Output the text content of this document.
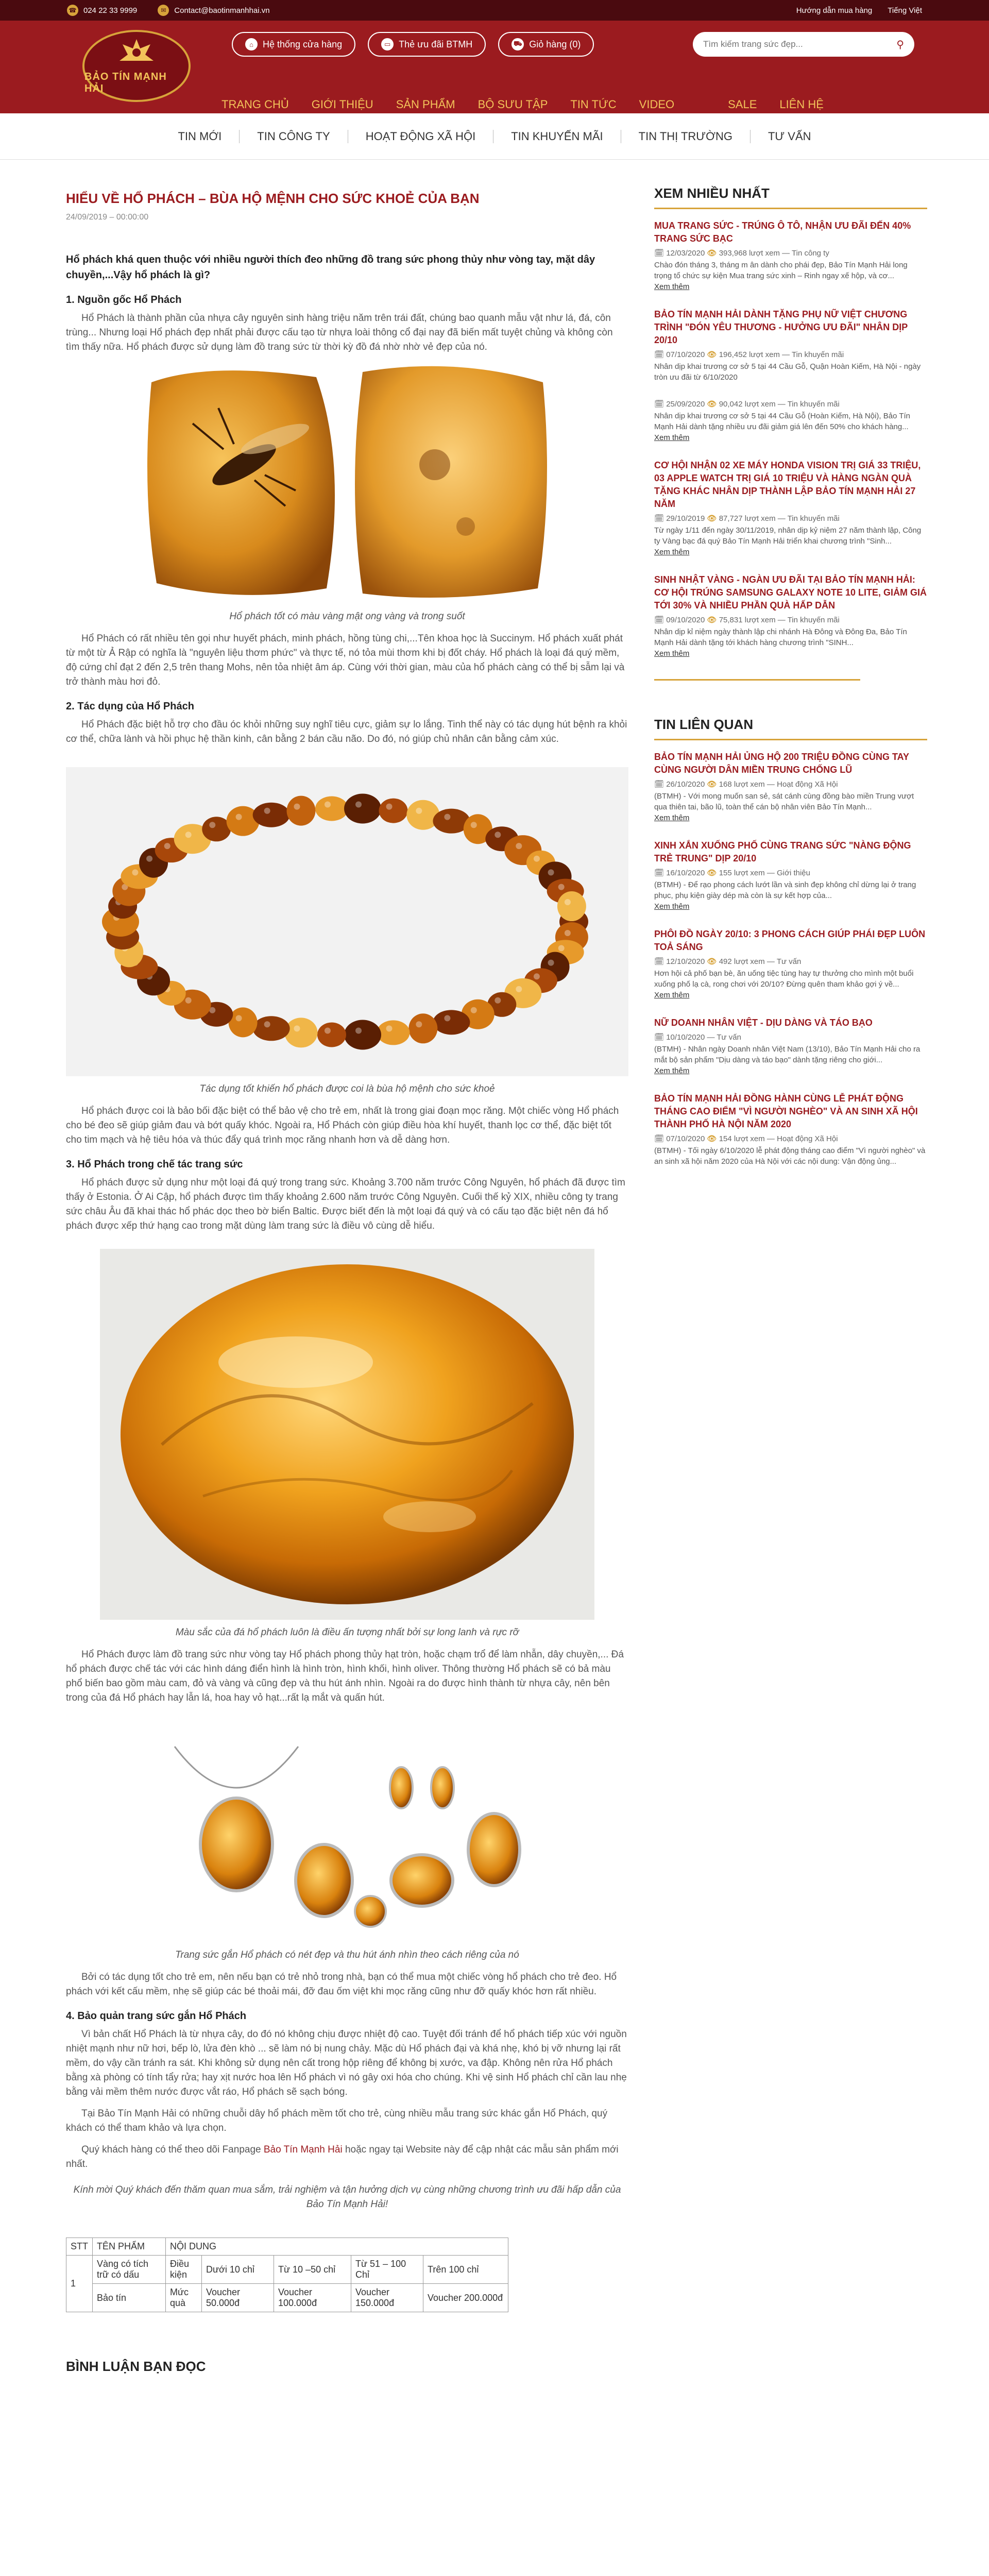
☎ 024 22 33 9999	✉	Contact@baotinmanhhai.vn	Hướng dẫn mua hàng Tiếng Việt
BẢO TÍN MẠNH HẢI
⌂	Hệ thống cửa hàng	▭ Thẻ ưu đãi BTMH	⛟ Giỏ hàng (0)
Tìm kiếm trang sức đẹp...	⚲
TRANG CHỦ GIỚI THIỆU SẢN PHẨM BỘ SƯU TẬP TIN TỨC VIDEO	SALE LIÊN HỆ
TIN MỚI	TIN CÔNG TY	HOẠT ĐỘNG XÃ HỘI	TIN KHUYẾN MÃI	TIN THỊ TRƯỜNG	TƯ VẤN
HIỂU VỀ HỔ PHÁCH – BÙA HỘ MỆNH CHO SỨC KHOẺ CỦA BẠN
24/09/2019 – 00:00:00
Hổ phách khá quen thuộc với nhiều người thích đeo những đồ trang sức phong thủy như vòng tay, mặt dây chuyền,...Vậy hổ phách là gì?
1. Nguồn gốc Hổ Phách

Hổ Phách là thành phần của nhựa cây nguyên sinh hàng triệu năm trên trái đất, chúng bao quanh mẫu vật như lá, đá, côn trùng... Nhưng loại Hổ phách đẹp nhất phải được cấu tạo từ nhựa loài thông cổ đại nay đã biến mất tuyệt chủng và không còn tìm thấy nữa. Hổ phách được sử dụng làm đồ trang sức từ thời kỳ đồ đá nhờ nhờ vẻ đẹp của nó.

Hổ phách tốt có màu vàng mật ong vàng và trong suốt

Hổ Phách có rất nhiều tên gọi như huyết phách, minh phách, hồng tùng chi,...Tên khoa học là Succinym. Hổ phách xuất phát từ một từ Ả Rập có nghĩa là "nguyên liệu thơm phức" và thực tế, nó tỏa mùi thơm khi bị đốt cháy. Hổ phách là loại đá quý mềm, độ cứng chỉ đạt 2 đến 2,5 trên thang Mohs, nên tỏa nhiệt âm áp. Cùng với thời gian, màu của hổ phách càng có thể bị sẫm lại và trở thành màu hơi đỏ.

2. Tác dụng của Hổ Phách

Hổ Phách đặc biệt hỗ trợ cho đầu óc khỏi những suy nghĩ tiêu cực, giảm sự lo lắng. Tinh thể này có tác dụng hút bệnh ra khỏi cơ thể, chữa lành và hồi phục hệ thần kinh, cân bằng 2 bán cầu não. Do đó, nó giúp chủ nhân cân bằng cảm xúc.

Tác dụng tốt khiến hổ phách được coi là bùa hộ mệnh cho sức khoẻ

Hổ phách được coi là bảo bối đặc biệt có thể bảo vệ cho trẻ em, nhất là trong giai đoạn mọc răng. Một chiếc vòng Hổ phách cho bé đeo sẽ giúp giảm đau và bớt quấy khóc. Ngoài ra, Hổ Phách còn giúp điều hòa khí huyết, thanh lọc cơ thể, đặc biệt tốt cho tim mạch và hệ tiêu hóa và thúc đẩy quá trình mọc răng nhanh hơn và dễ dàng hơn.

3. Hổ Phách trong chế tác trang sức

Hổ phách được sử dụng như một loại đá quý trong trang sức. Khoảng 3.700 năm trước Công Nguyên, hổ phách đã được tìm thấy ở Estonia. Ở Ai Cập, hổ phách được tìm thấy khoảng 2.600 năm trước Công Nguyên. Cuối thế kỷ XIX, nhiều công ty trang sức châu Âu đã khai thác hổ phác dọc theo bờ biển Baltic. Được biết đến là một loại đá quý và có cấu tạo đặc biệt nên đá hổ phách được xếp thứ hạng cao trong mặt dùng làm trang sức là điều vô cùng dễ hiểu.

Màu sắc của đá hổ phách luôn là điều ấn tượng nhất bởi sự long lanh và rực rỡ

Hổ Phách được làm đồ trang sức như vòng tay Hổ phách phong thủy hạt tròn, hoặc chạm trổ để làm nhẫn, dây chuyền,... Đá hổ phách được chế tác với các hình dáng điển hình là hình tròn, hình khối, hình oliver. Thông thường Hổ phách sẽ có bả màu phổ biến bao gồm màu cam, đỏ và vàng và cũng đẹp và thu hút ánh nhìn. Ngoài ra do được hình thành từ nhựa cây, nên bên trong của đá Hổ phách hay lẫn lá, hoa hay vỏ hạt...rất lạ mắt và quấn hút.

Trang sức gắn Hổ phách có nét đẹp và thu hút ánh nhìn theo cách riêng của nó

Bởi có tác dụng tốt cho trẻ em, nên nếu bạn có trẻ nhỏ trong nhà, bạn có thể mua một chiếc vòng hổ phách cho trẻ đeo. Hổ phách với kết cấu mềm, nhẹ sẽ giúp các bé thoải mái, đỡ đau ốm việt khi mọc răng cũng như đỡ quấy khóc hơn rất nhiều.

4. Bảo quản trang sức gắn Hổ Phách

Vì bản chất Hổ Phách là từ nhựa cây, do đó nó không chịu được nhiệt độ cao. Tuyệt đối tránh để hổ phách tiếp xúc với nguồn nhiệt mạnh như nữ hơi, bếp lò, lửa đèn khò ... sẽ làm nó bị nung chảy. Mặc dù Hổ phách đại và khá nhẹ, khó bị vỡ nhưng lại rất mềm, do vậy cần tránh ra sát. Khi không sử dụng nên cất trong hộp riêng để không bị xước, va đập. Không nên rửa Hổ phách bằng xà phòng có tính tẩy rửa; hay xịt nước hoa lên Hổ phách vì nó gây oxi hóa cho chúng. Khi vệ sinh Hổ phách chỉ cần lau nhẹ bằng vải mềm thêm nước được vắt ráo, Hổ phách sẽ sạch bóng.

Tại Bảo Tín Mạnh Hải có những chuỗi dây hổ phách mềm tốt cho trẻ, cùng nhiều mẫu trang sức khác gắn Hổ Phách, quý khách có thể tham khảo và lựa chọn.

Quý khách hàng có thể theo dõi Fanpage Bảo Tín Mạnh Hải hoặc ngay tại Website này để cập nhật các mẫu sản phẩm mới nhất.

Kính mời Quý khách đến thăm quan mua sắm, trải nghiệm và tận hưởng dịch vụ cùng những chương trình ưu đãi hấp dẫn của Bảo Tín Mạnh Hải!
STT	TÊN PHẨM	NỘI DUNG				
1	Vàng có tích trữ có dấu	Điều kiện	Dưới 10 chỉ	Từ 10 –50 chỉ	Từ 51 – 100 Chỉ	Trên 100 chỉ
	Bảo tín	Mức quà	Voucher 50.000đ	Voucher 100.000đ	Voucher 150.000đ	Voucher 200.000đ
BÌNH LUẬN BẠN ĐỌC
XEM NHIỀU NHẤT
MUA TRANG SỨC - TRÚNG Ô TÔ, NHẬN ƯU ĐÃI ĐẾN 40% TRANG SỨC BẠC
🗓 12/03/2020 👁 393,968 lượt xem — Tin công ty
Chào đón tháng 3, tháng m ân dành cho phái đẹp, Bảo Tín Mạnh Hải long trọng tổ chức sự kiện Mua trang sức xinh – Rinh ngay xế hộp, và cơ...
Xem thêm
BẢO TÍN MẠNH HẢI DÀNH TẶNG PHỤ NỮ VIỆT CHƯƠNG TRÌNH "ĐÓN YÊU THƯƠNG - HƯỞNG ƯU ĐÃI" NHÂN DỊP 20/10
🗓 07/10/2020 👁 196,452 lượt xem — Tin khuyến mãi
Nhân dịp khai trương cơ sở 5 tại 44 Cầu Gỗ, Quận Hoàn Kiếm, Hà Nội - ngày tròn ưu đãi từ 6/10/2020
🗓 25/09/2020 👁 90,042 lượt xem — Tin khuyến mãi
Nhân dịp khai trương cơ sở 5 tại 44 Cầu Gỗ (Hoàn Kiếm, Hà Nội), Bảo Tín Mạnh Hải dành tặng nhiều ưu đãi giảm giá lên đến 50% cho khách hàng...
Xem thêm
CƠ HỘI NHẬN 02 XE MÁY HONDA VISION TRỊ GIÁ 33 TRIỆU, 03 APPLE WATCH TRỊ GIÁ 10 TRIỆU VÀ HÀNG NGÀN QUÀ TẶNG KHÁC NHÂN DỊP THÀNH LẬP BẢO TÍN MẠNH HẢI 27 NĂM
🗓 29/10/2019 👁 87,727 lượt xem — Tin khuyến mãi
Từ ngày 1/11 đến ngày 30/11/2019, nhân dịp kỷ niệm 27 năm thành lập, Công ty Vàng bạc đá quý Bảo Tín Mạnh Hải triển khai chương trình "Sinh...
Xem thêm
SINH NHẬT VÀNG - NGÀN ƯU ĐÃI TẠI BẢO TÍN MẠNH HẢI: CƠ HỘI TRÚNG SAMSUNG GALAXY NOTE 10 LITE, GIẢM GIÁ TỚI 30% VÀ NHIỀU PHẦN QUÀ HẤP DẪN
🗓 09/10/2020 👁 75,831 lượt xem — Tin khuyến mãi
Nhân dịp kỉ niệm ngày thành lập chi nhánh Hà Đông và Đông Đa, Bảo Tín Mạnh Hải dành tặng tới khách hàng chương trình "SINH...
Xem thêm
TIN LIÊN QUAN
BẢO TÍN MẠNH HẢI ỦNG HỘ 200 TRIỆU ĐỒNG CÙNG TAY CÙNG NGƯỜI DÂN MIỀN TRUNG CHỐNG LŨ
🗓 26/10/2020 👁 168 lượt xem — Hoạt động Xã Hội
(BTMH) - Với mong muốn san sẻ, sát cánh cùng đồng bào miền Trung vượt qua thiên tai, bão lũ, toàn thể cán bộ nhân viên Bảo Tín Mạnh...
Xem thêm
XINH XẮN XUỐNG PHỐ CÙNG TRANG SỨC "NÀNG ĐỘNG TRẺ TRUNG" DỊP 20/10
🗓 16/10/2020 👁 155 lượt xem — Giới thiệu
(BTMH) - Để rạo phong cách lướt lần và sinh đẹp không chỉ dừng lại ở trang phục, phụ kiện giày dép mà còn là sự kết hợp của...
Xem thêm
PHÔI ĐỒ NGÀY 20/10: 3 PHONG CÁCH GIÚP PHÁI ĐẸP LUÔN TOẢ SÁNG
🗓 12/10/2020 👁 492 lượt xem — Tư vấn
Hơn hội cả phố bạn bè, ăn uống tiệc tùng hay tự thưởng cho mình một buổi xuống phố lạ cà, rong chơi với 20/10? Đừng quên tham khảo gợi ý về...
Xem thêm
NỮ DOANH NHÂN VIỆT - DỊU DÀNG VÀ TÁO BẠO
🗓 10/10/2020 — Tư vấn
(BTMH) - Nhân ngày Doanh nhân Việt Nam (13/10), Bảo Tín Mạnh Hải cho ra mắt bộ sản phẩm "Dịu dàng và táo bạo" dành tặng riêng cho giới...
Xem thêm
BẢO TÍN MẠNH HẢI ĐỒNG HÀNH CÙNG LỄ PHÁT ĐỘNG THÁNG CAO ĐIỂM "VÌ NGƯỜI NGHÈO" VÀ AN SINH XÃ HỘI THÀNH PHỐ HÀ NỘI NĂM 2020
🗓 07/10/2020 👁 154 lượt xem — Hoạt động Xã Hội
(BTMH) - Tối ngày 6/10/2020 lễ phát động tháng cao điểm "Vì người nghèo" và an sinh xã hội năm 2020 của Hà Nội với các nội dung: Vận động ủng...
